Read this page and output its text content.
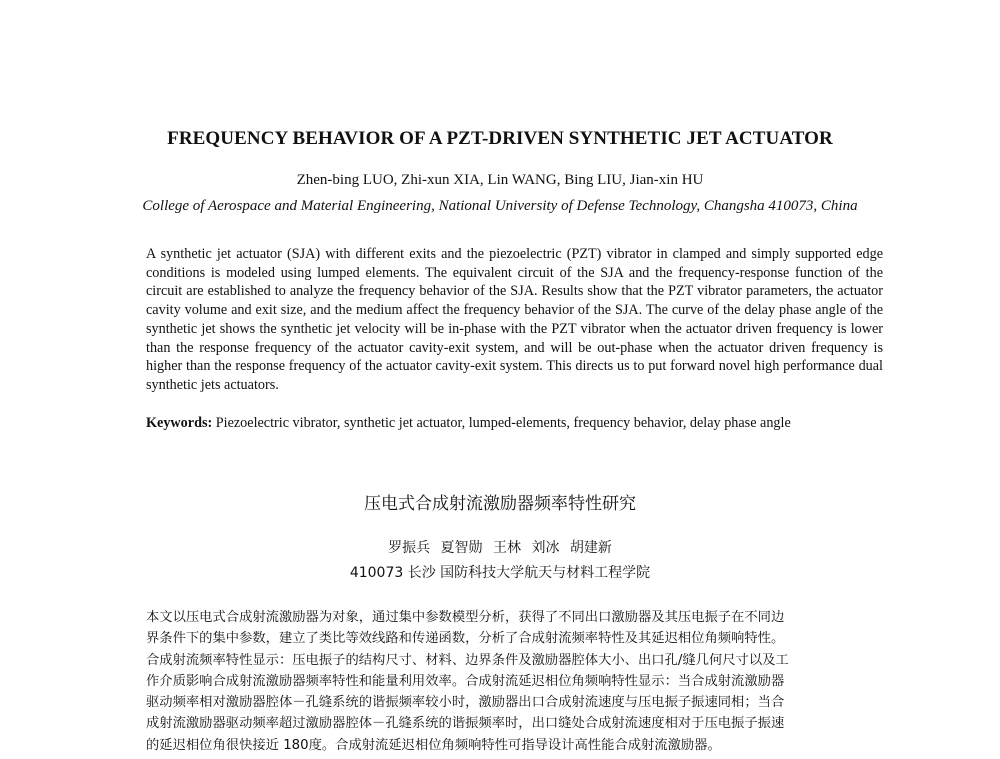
FREQUENCY BEHAVIOR OF A PZT-DRIVEN SYNTHETIC JET ACTUATOR
Zhen-bing LUO, Zhi-xun XIA, Lin WANG, Bing LIU, Jian-xin HU
College of Aerospace and Material Engineering, National University of Defense Technology, Changsha 410073, China

A synthetic jet actuator (SJA) with different exits and the piezoelectric (PZT) vibrator in clamped and simply supported edge conditions is modeled using lumped elements. The equivalent circuit of the SJA and the frequency-response function of the circuit are established to analyze the frequency behavior of the SJA. Results show that the PZT vibrator parameters, the actuator cavity volume and exit size, and the medium affect the frequency behavior of the SJA. The curve of the delay phase angle of the synthetic jet shows the synthetic jet velocity will be in-phase with the PZT vibrator when the actuator driven frequency is lower than the response frequency of the actuator cavity-exit system, and will be out-phase when the actuator driven frequency is higher than the response frequency of the actuator cavity-exit system. This directs us to put forward novel high performance dual synthetic jets actuators.

Keywords: Piezoelectric vibrator, synthetic jet actuator, lumped-elements, frequency behavior, delay phase angle
压电式合成射流激励器频率特性研究
罗振兵 夏智勋 王林 刘冰 胡建新
410073 长沙 国防科技大学航天与材料工程学院
本文以压电式合成射流激励器为对象，通过集中参数模型分析，获得了不同出口激励器及其压电振子在不同边
界条件下的集中参数，建立了类比等效线路和传递函数，分析了合成射流频率特性及其延迟相位角频响特性。
合成射流频率特性显示：压电振子的结构尺寸、材料、边界条件及激励器腔体大小、出口孔/缝几何尺寸以及工
作介质影响合成射流激励器频率特性和能量利用效率。合成射流延迟相位角频响特性显示：当合成射流激励器
驱动频率相对激励器腔体－孔缝系统的谐振频率较小时，激励器出口合成射流速度与压电振子振速同相；当合
成射流激励器驱动频率超过激励器腔体－孔缝系统的谐振频率时，出口缝处合成射流速度相对于压电振子振速
的延迟相位角很快接近 180度。合成射流延迟相位角频响特性可指导设计高性能合成射流激励器。
